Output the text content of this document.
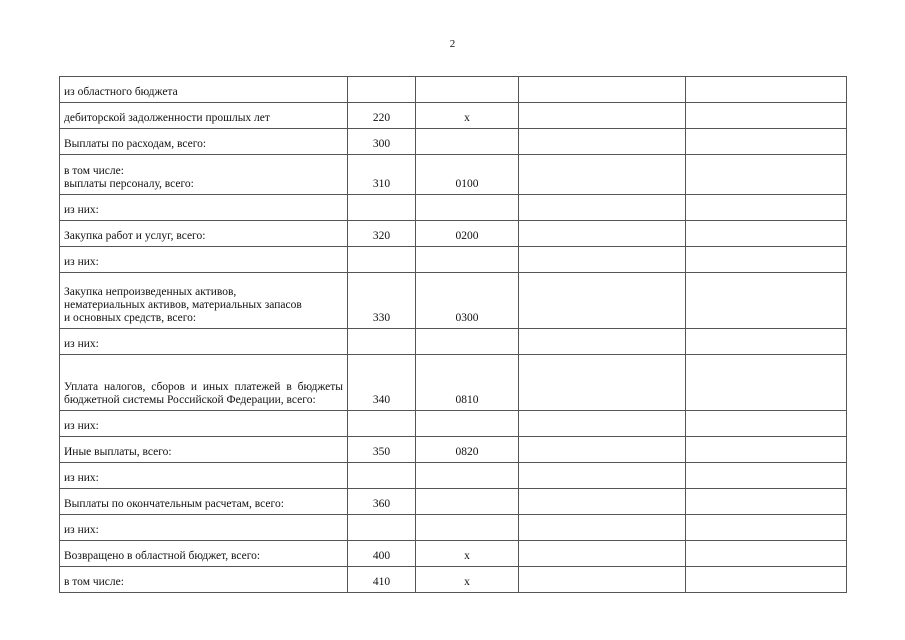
2
из областного бюджета				
дебиторской задолженности прошлых лет	220	x		
Выплаты по расходам, всего:	300			

в том числе:
выплаты персоналу, всего:	310	0100		
из них:				
Закупка работ и услуг, всего:	320	0200		
из них:				

Закупка непроизведенных активов,
нематериальных активов, материальных запасов
и основных средств, всего:	330	0300		
из них:				
Уплата налогов, сборов и иных платежей в бюджеты бюджетной системы Российской Федерации, всего:	340	0810		
из них:				
Иные выплаты, всего:	350	0820		
из них:				
Выплаты по окончательным расчетам, всего:	360			
из них:				
Возвращено в областной бюджет, всего:	400	x		
в том числе:	410	x		
